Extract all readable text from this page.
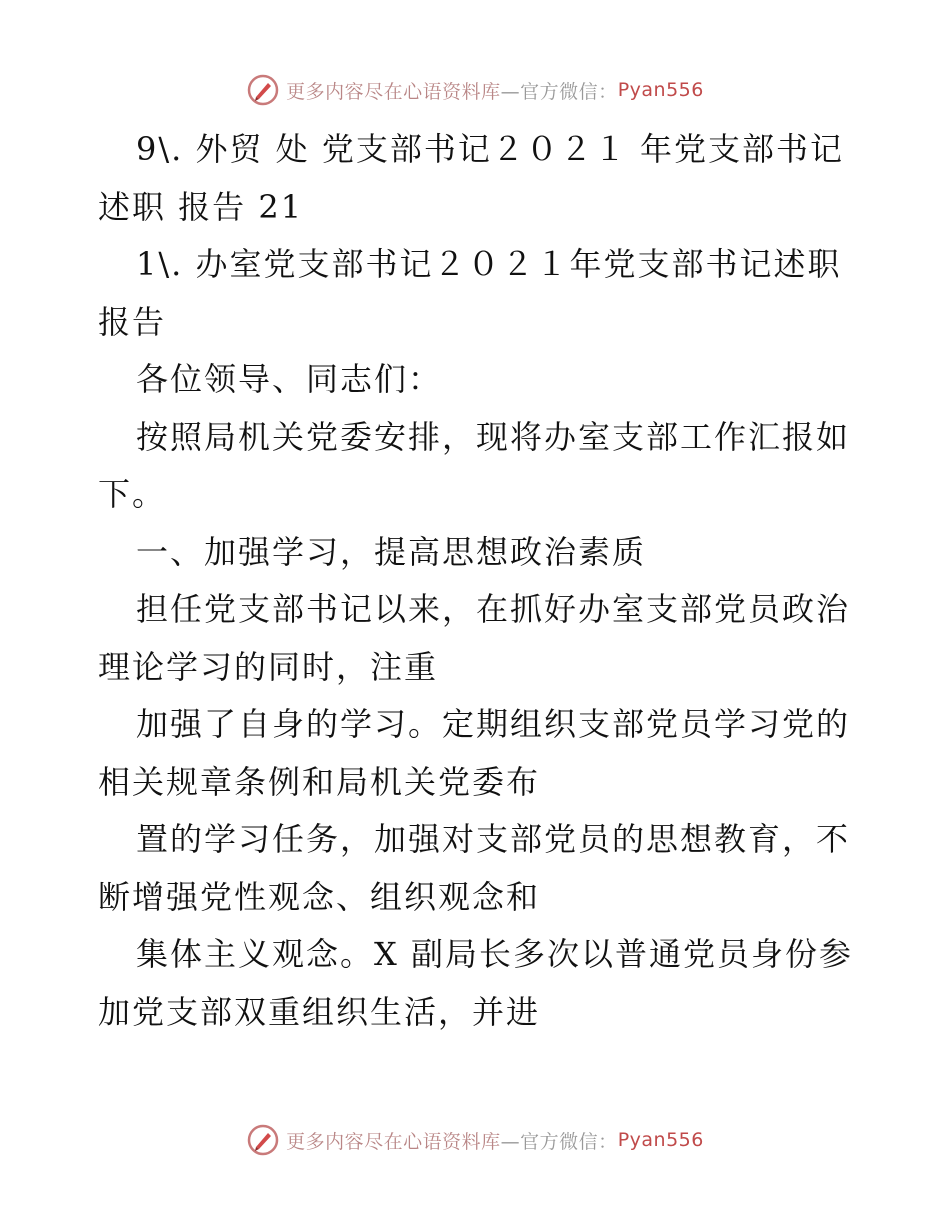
更多内容尽在心语资料库 —官方微信： Pyan556

9\. 外贸 处 党支部书记２０２１ 年党支部书记 述职 报告 21

1\. 办室党支部书记２０２１年党支部书记述职报告

各位领导、同志们：

按照局机关党委安排，现将办室支部工作汇报如下。

一、加强学习，提高思想政治素质

担任党支部书记以来，在抓好办室支部党员政治理论学习的同时，注重

加强了自身的学习。定期组织支部党员学习党的相关规章条例和局机关党委布

置的学习任务，加强对支部党员的思想教育，不断增强党性观念、组织观念和

集体主义观念。X 副局长多次以普通党员身份参加党支部双重组织生活，并进

更多内容尽在心语资料库 —官方微信： Pyan556
